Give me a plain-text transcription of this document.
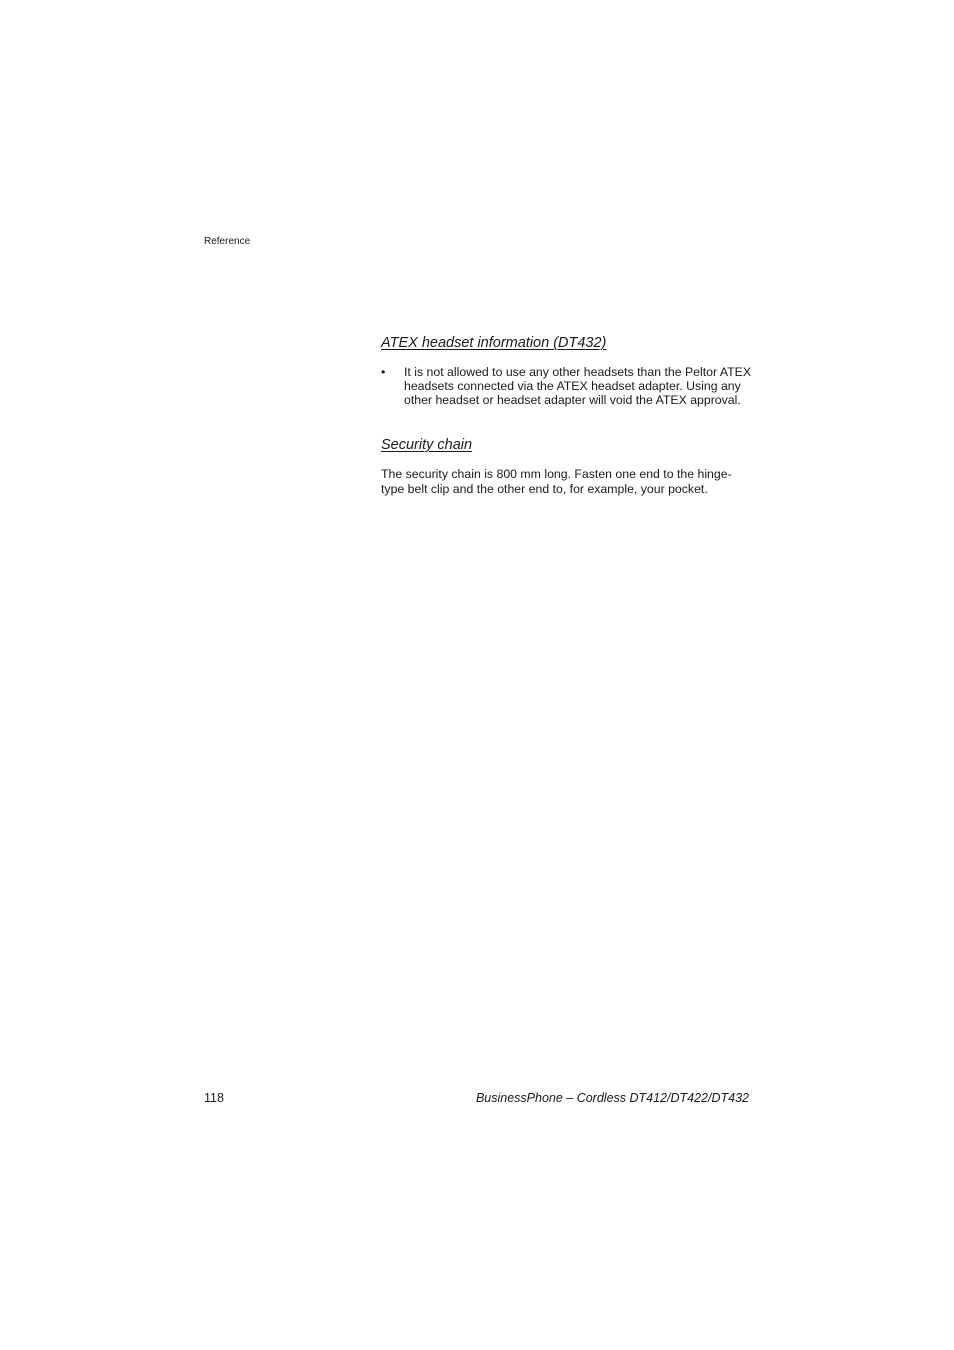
Reference
ATEX headset information (DT432)
• It is not allowed to use any other headsets than the Peltor ATEX
headsets connected via the ATEX headset adapter. Using any
other headset or headset adapter will void the ATEX approval.
Security chain

The security chain is 800 mm long. Fasten one end to the hinge-
type belt clip and the other end to, for example, your pocket.

118	BusinessPhone – Cordless DT412/DT422/DT432
